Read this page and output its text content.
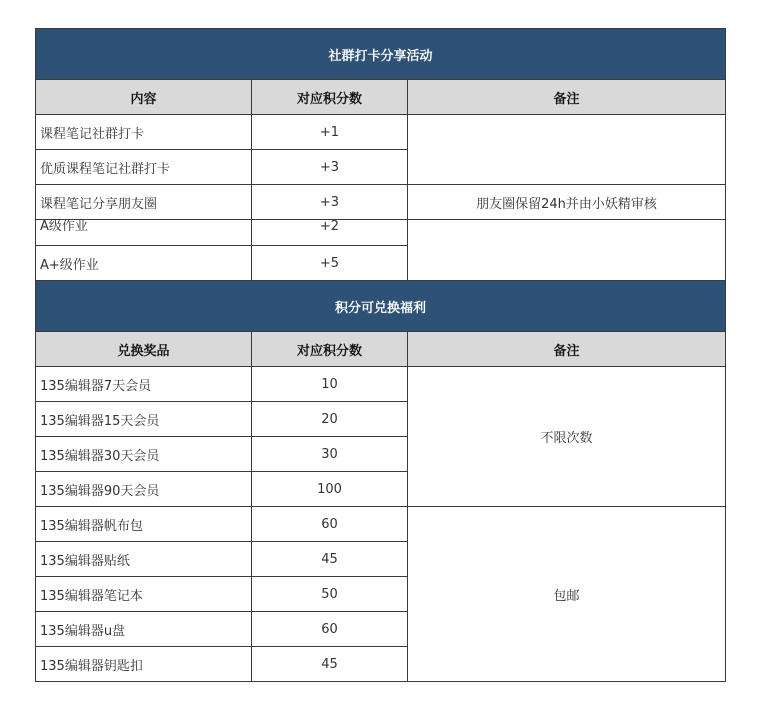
社群打卡分享活动		
内容	对应积分数	备注
课程笔记社群打卡	+1	
优质课程笔记社群打卡	+3	
课程笔记分享朋友圈	+3	朋友圈保留24h并由小妖精审核
A级作业	+2	
A+级作业	+5	
积分可兑换福利		
兑换奖品	对应积分数	备注
135编辑器7天会员	10	不限次数
135编辑器15天会员	20	
135编辑器30天会员	30	
135编辑器90天会员	100	
135编辑器帆布包	60	包邮
135编辑器贴纸	45	
135编辑器笔记本	50	
135编辑器u盘	60	
135编辑器钥匙扣	45	
